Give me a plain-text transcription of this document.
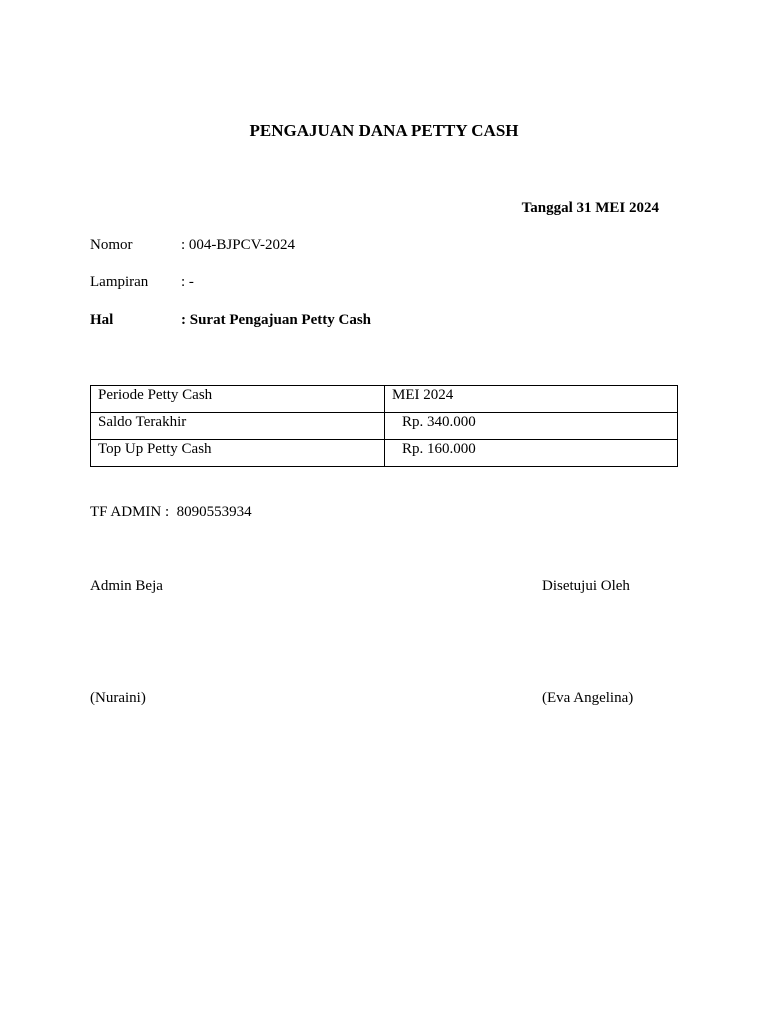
PENGAJUAN DANA PETTY CASH
Tanggal 31 MEI 2024
Nomor	: 004-BJPCV-2024
Lampiran : -
Hal	: Surat Pengajuan Petty Cash
Periode Petty Cash	MEI 2024
Saldo Terakhir	Rp. 340.000
Top Up Petty Cash	Rp. 160.000
TF ADMIN :  8090553934
Admin Beja	Disetujui Oleh
(Nuraini)	(Eva Angelina)
